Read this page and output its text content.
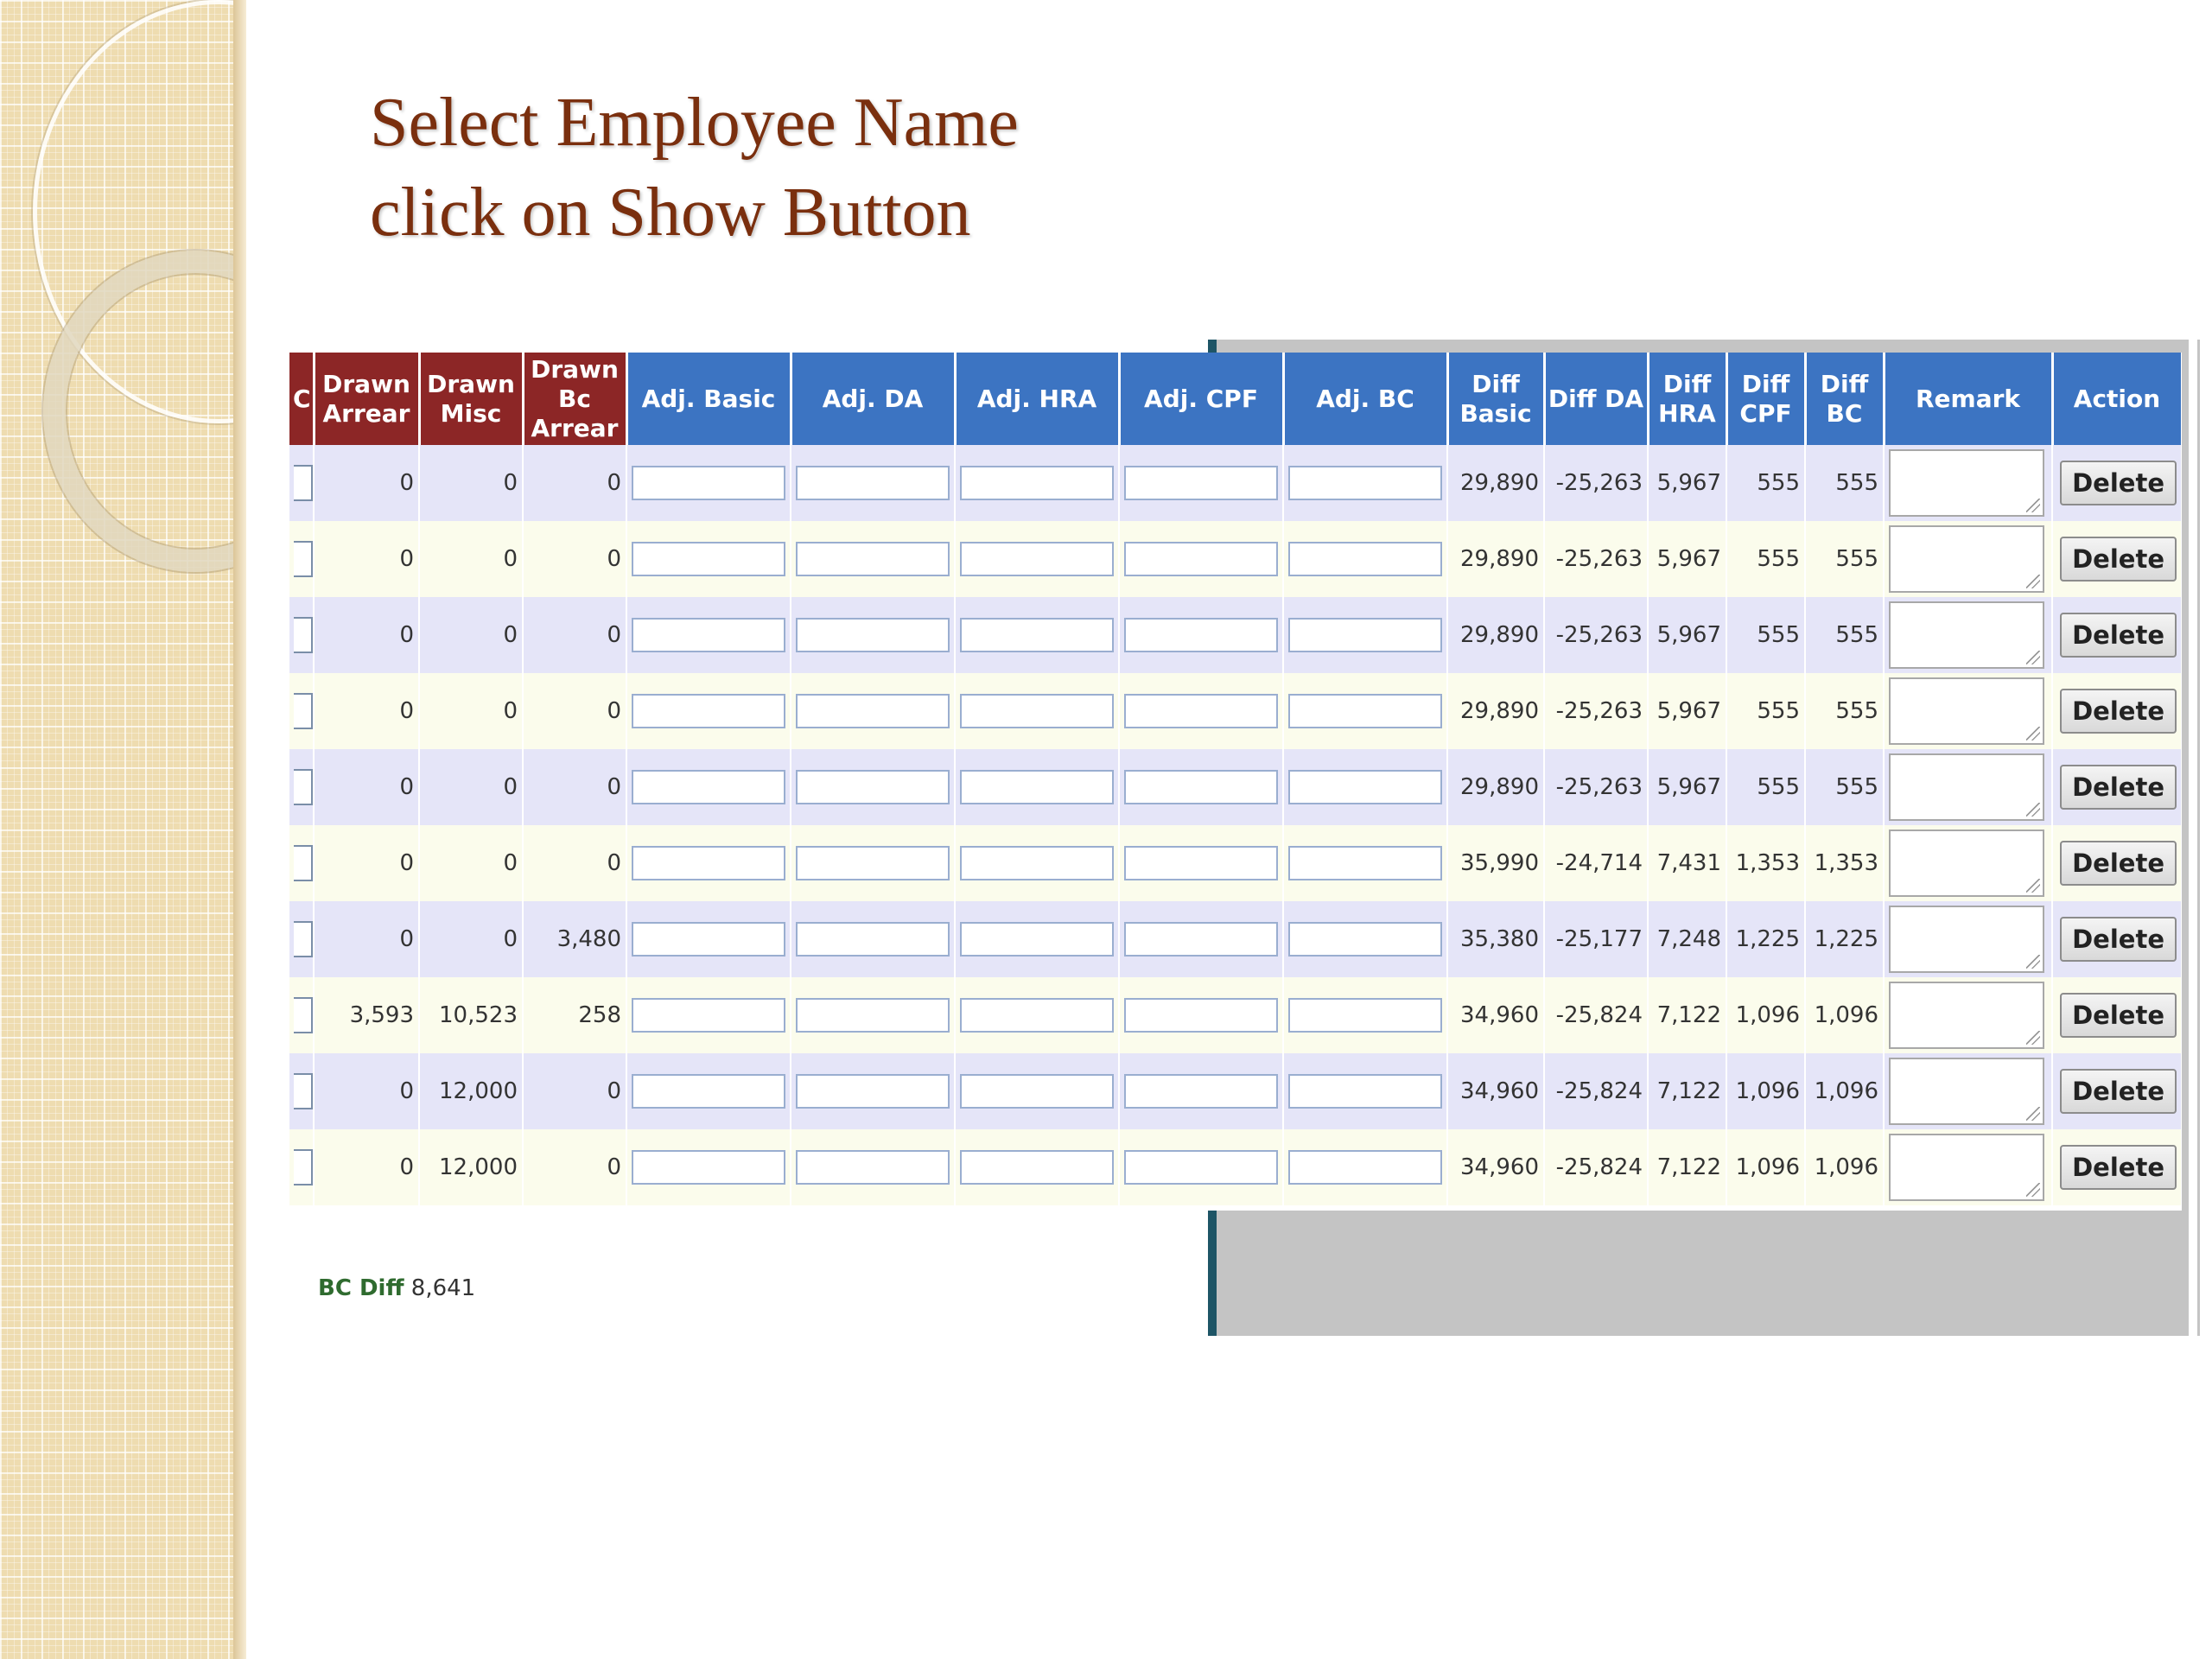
Select Employee Name
click on Show Button
C	Drawn Arrear	Drawn Misc	Drawn Bc Arrear	Adj. Basic	Adj. DA	Adj. HRA	Adj. CPF	Adj. BC	Diff Basic	Diff DA	Diff HRA	Diff CPF	Diff BC	Remark	Action
	0	0	0						29,890	-25,263	5,967	555	555		Delete
	0	0	0						29,890	-25,263	5,967	555	555		Delete
	0	0	0						29,890	-25,263	5,967	555	555		Delete
	0	0	0						29,890	-25,263	5,967	555	555		Delete
	0	0	0						29,890	-25,263	5,967	555	555		Delete
	0	0	0						35,990	-24,714	7,431	1,353	1,353		Delete
	0	0	3,480						35,380	-25,177	7,248	1,225	1,225		Delete
	3,593	10,523	258						34,960	-25,824	7,122	1,096	1,096		Delete
	0	12,000	0						34,960	-25,824	7,122	1,096	1,096		Delete
	0	12,000	0						34,960	-25,824	7,122	1,096	1,096		Delete
BC Diff 8,641
